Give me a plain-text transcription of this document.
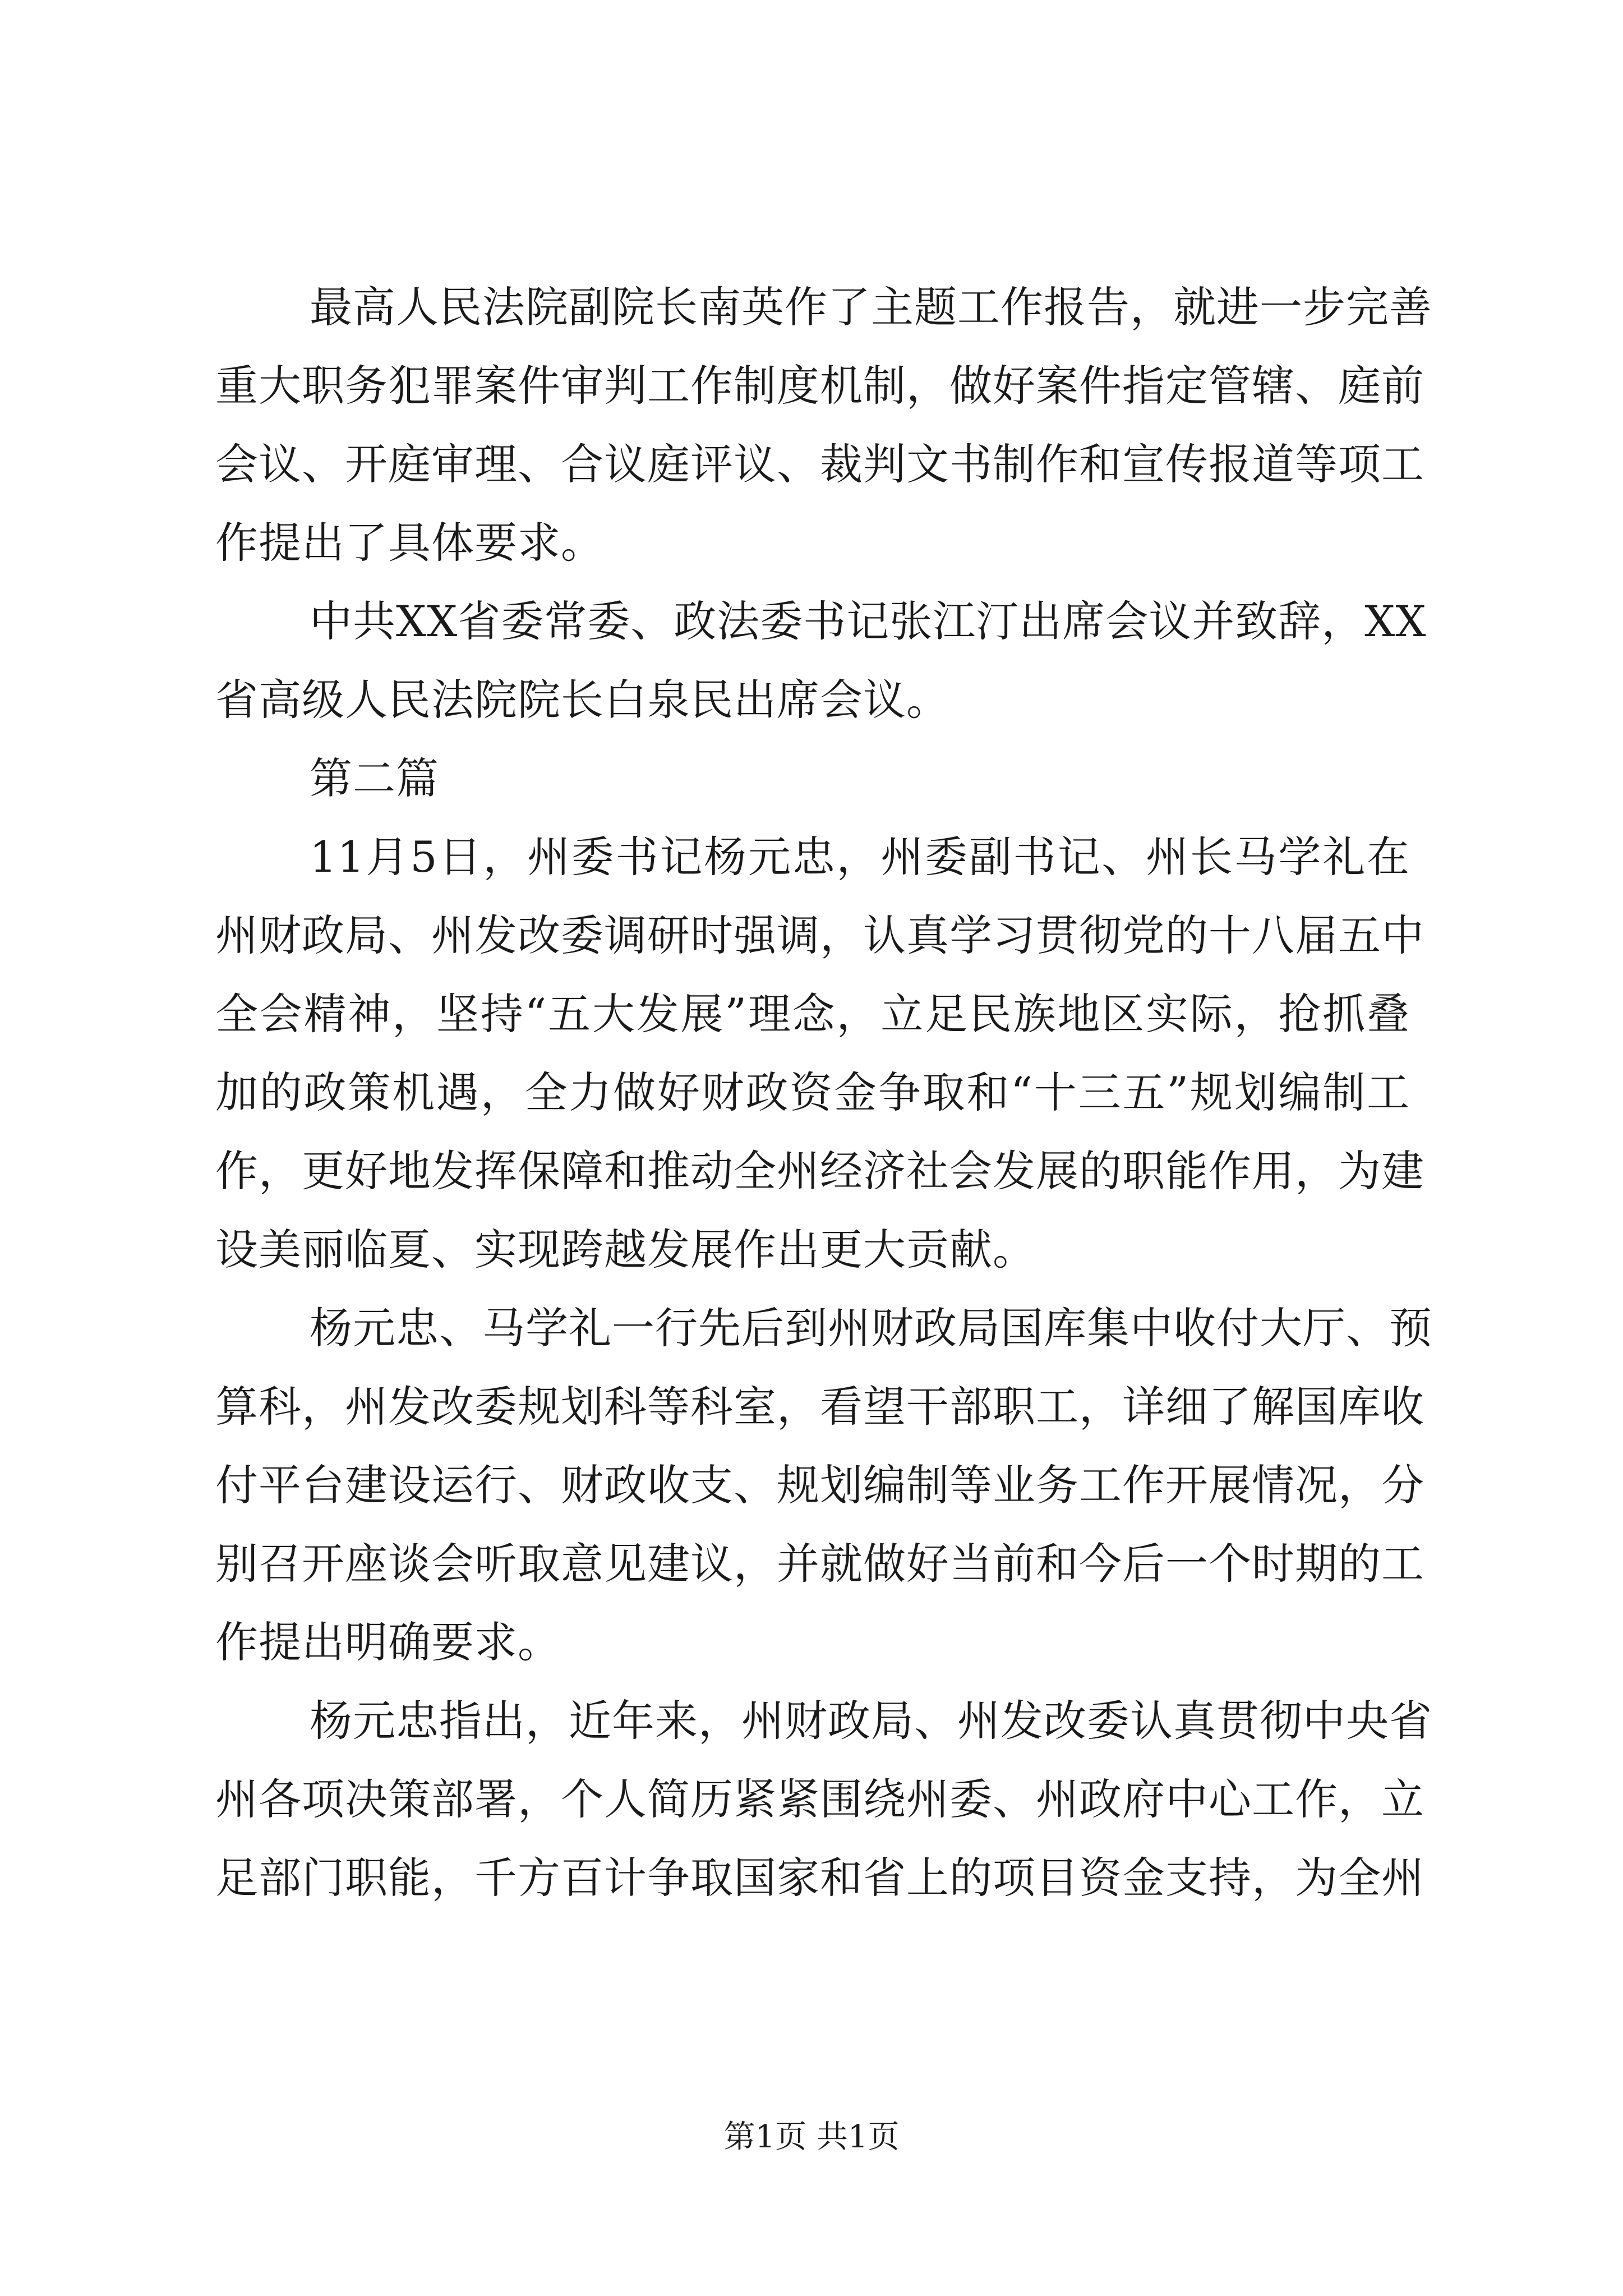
最高人民法院副院长南英作了主题工作报告，就进一步完善
重大职务犯罪案件审判工作制度机制，做好案件指定管辖、庭前
会议、开庭审理、合议庭评议、裁判文书制作和宣传报道等项工
作提出了具体要求。
中共XX省委常委、政法委书记张江汀出席会议并致辞，XX
省高级人民法院院长白泉民出席会议。
第二篇
11月5日，州委书记杨元忠，州委副书记、州长马学礼在
州财政局、州发改委调研时强调，认真学习贯彻党的十八届五中
全会精神，坚持“五大发展”理念，立足民族地区实际，抢抓叠
加的政策机遇，全力做好财政资金争取和“十三五”规划编制工
作，更好地发挥保障和推动全州经济社会发展的职能作用，为建
设美丽临夏、实现跨越发展作出更大贡献。
杨元忠、马学礼一行先后到州财政局国库集中收付大厅、预
算科，州发改委规划科等科室，看望干部职工，详细了解国库收
付平台建设运行、财政收支、规划编制等业务工作开展情况，分
别召开座谈会听取意见建议，并就做好当前和今后一个时期的工
作提出明确要求。
杨元忠指出，近年来，州财政局、州发改委认真贯彻中央省
州各项决策部署，个人简历紧紧围绕州委、州政府中心工作，立
足部门职能，千方百计争取国家和省上的项目资金支持，为全州
第1页 共1页
